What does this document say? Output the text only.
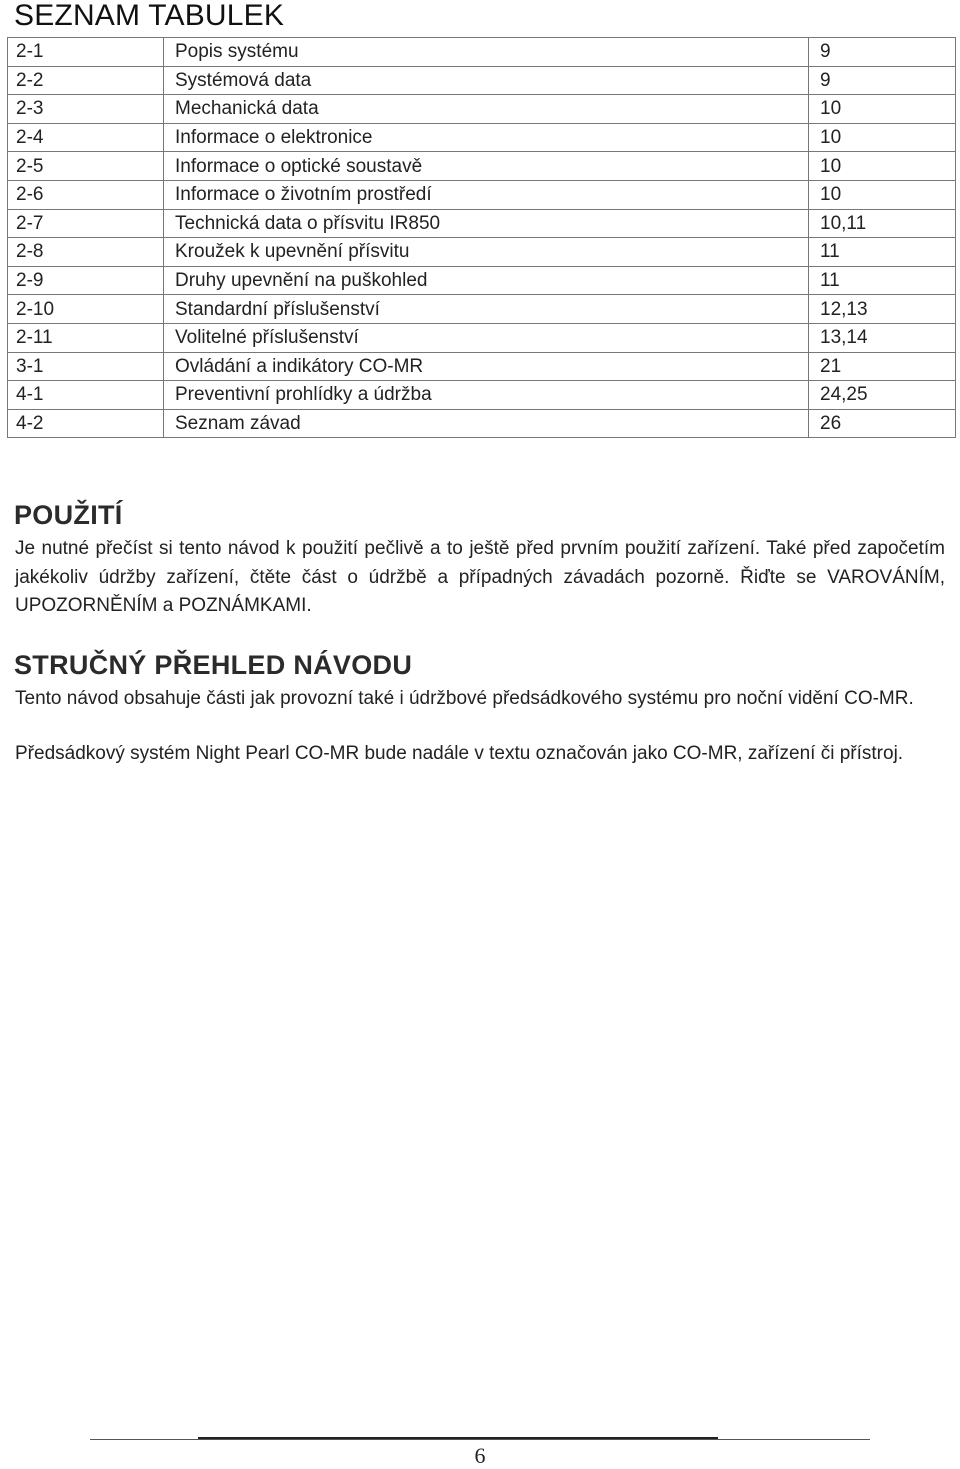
SEZNAM TABULEK
2-1	Popis systému	9
2-2	Systémová data	9
2-3	Mechanická data	10
2-4	Informace o elektronice	10
2-5	Informace o optické soustavě	10
2-6	Informace o životním prostředí	10
2-7	Technická data o přísvitu IR850	10,11
2-8	Kroužek k upevnění přísvitu	11
2-9	Druhy upevnění na puškohled	11
2-10	Standardní příslušenství	12,13
2-11	Volitelné příslušenství	13,14
3-1	Ovládání a indikátory CO-MR	21
4-1	Preventivní prohlídky a údržba	24,25
4-2	Seznam závad	26
POUŽITÍ

Je nutné přečíst si tento návod k použití pečlivě a to ještě před prvním použití zařízení. Také před započetím jakékoliv údržby zařízení, čtěte část o údržbě a případných závadách pozorně. Řiďte se VAROVÁNÍM, UPOZORNĚNÍM a POZNÁMKAMI.

STRUČNÝ PŘEHLED NÁVODU

Tento návod obsahuje části jak provozní také i údržbové předsádkového systému pro noční vidění CO-MR.

Předsádkový systém Night Pearl CO-MR bude nadále v textu označován jako CO-MR, zařízení či přístroj.

6
